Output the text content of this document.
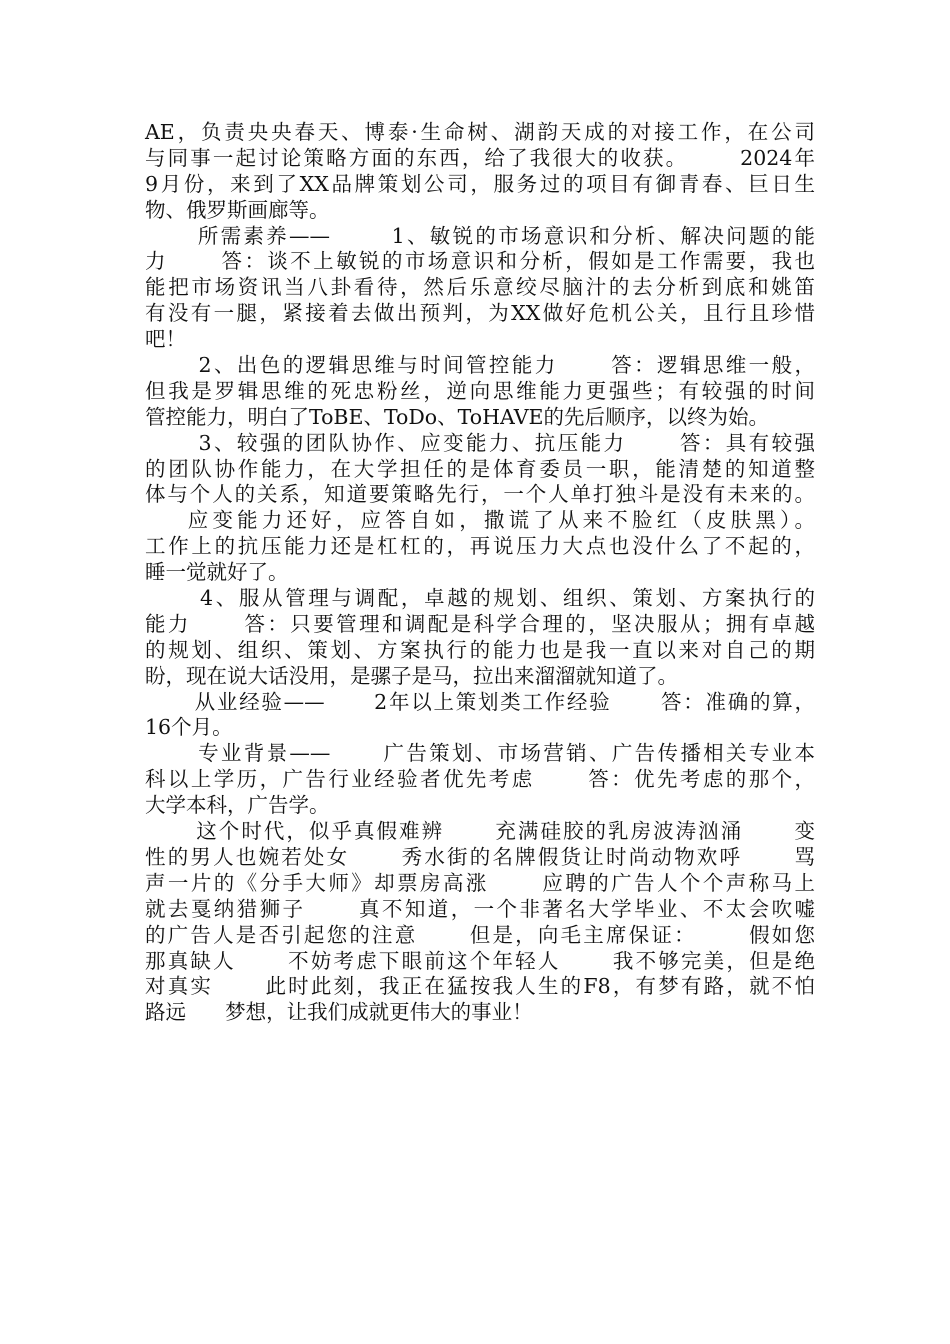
AE，负责央央春天、博泰·生命树、湖韵天成的对接工作，在公司
与同事一起讨论策略方面的东西，给了我很大的收获。      2024年
9月份，来到了XX品牌策划公司，服务过的项目有御青春、巨日生
物、俄罗斯画廊等。
所需素养——       1、敏锐的市场意识和分析、解决问题的能
力      答：谈不上敏锐的市场意识和分析，假如是工作需要，我也
能把市场资讯当八卦看待，然后乐意绞尽脑汁的去分析到底和姚笛
有没有一腿，紧接着去做出预判，为XX做好危机公关，且行且珍惜
吧！
2、出色的逻辑思维与时间管控能力      答：逻辑思维一般，
但我是罗辑思维的死忠粉丝，逆向思维能力更强些；有较强的时间
管控能力，明白了ToBE、ToDo、ToHAVE的先后顺序，以终为始。
3、较强的团队协作、应变能力、抗压能力      答：具有较强
的团队协作能力，在大学担任的是体育委员一职，能清楚的知道整
体与个人的关系，知道要策略先行，一个人单打独斗是没有未来的。
应变能力还好，应答自如，撒谎了从来不脸红（皮肤黑）。
工作上的抗压能力还是杠杠的，再说压力大点也没什么了不起的，
睡一觉就好了。
4、服从管理与调配，卓越的规划、组织、策划、方案执行的
能力      答：只要管理和调配是科学合理的，坚决服从；拥有卓越
的规划、组织、策划、方案执行的能力也是我一直以来对自己的期
盼，现在说大话没用，是骡子是马，拉出来溜溜就知道了。
从业经验——      2年以上策划类工作经验      答：准确的算，
16个月。
专业背景——      广告策划、市场营销、广告传播相关专业本
科以上学历，广告行业经验者优先考虑      答：优先考虑的那个，
大学本科，广告学。
这个时代，似乎真假难辨      充满硅胶的乳房波涛汹涌      变
性的男人也婉若处女      秀水街的名牌假货让时尚动物欢呼      骂
声一片的《分手大师》却票房高涨      应聘的广告人个个声称马上
就去戛纳猎狮子      真不知道，一个非著名大学毕业、不太会吹嘘
的广告人是否引起您的注意      但是，向毛主席保证：      假如您
那真缺人      不妨考虑下眼前这个年轻人      我不够完美，但是绝
对真实      此时此刻，我正在猛按我人生的F8，有梦有路，就不怕
路远      梦想，让我们成就更伟大的事业！
